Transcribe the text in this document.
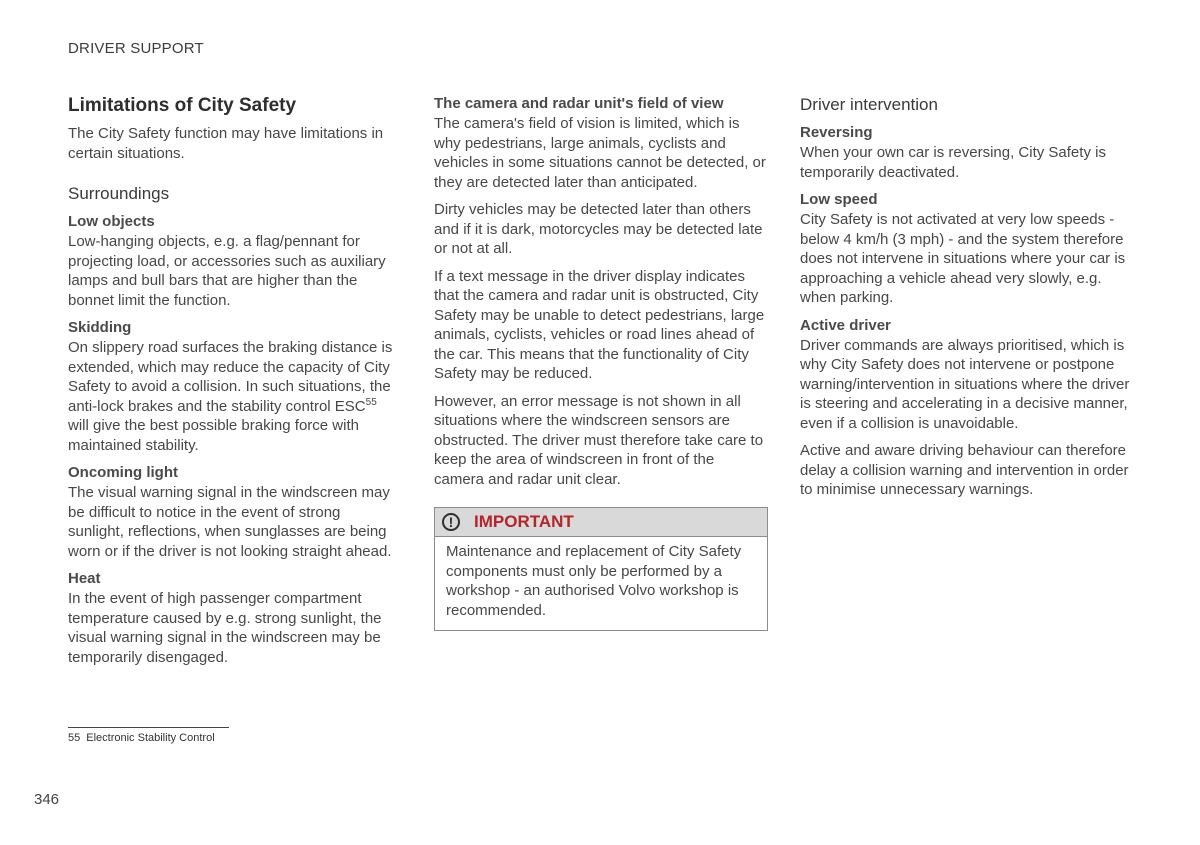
DRIVER SUPPORT
Limitations of City Safety

The City Safety function may have limitations in certain situations.

Surroundings
Low objects

Low-hanging objects, e.g. a flag/pennant for projecting load, or accessories such as auxiliary lamps and bull bars that are higher than the bonnet limit the function.

Skidding

On slippery road surfaces the braking distance is extended, which may reduce the capacity of City Safety to avoid a collision. In such situations, the anti-lock brakes and the stability control ESC$^{55}$ will give the best possible braking force with maintained stability.

Oncoming light

The visual warning signal in the windscreen may be difficult to notice in the event of strong sunlight, reflections, when sunglasses are being worn or if the driver is not looking straight ahead.

Heat

In the event of high passenger compartment temperature caused by e.g. strong sunlight, the visual warning signal in the windscreen may be temporarily disengaged.

The camera and radar unit's field of view

The camera's field of vision is limited, which is why pedestrians, large animals, cyclists and vehicles in some situations cannot be detected, or they are detected later than anticipated.

Dirty vehicles may be detected later than others and if it is dark, motorcycles may be detected late or not at all.

If a text message in the driver display indicates that the camera and radar unit is obstructed, City Safety may be unable to detect pedestrians, large animals, cyclists, vehicles or road lines ahead of the car. This means that the functionality of City Safety may be reduced.

However, an error message is not shown in all situations where the windscreen sensors are obstructed. The driver must therefore take care to keep the area of windscreen in front of the camera and radar unit clear.

!	IMPORTANT

Maintenance and replacement of City Safety components must only be performed by a workshop - an authorised Volvo workshop is recommended.

Driver intervention
Reversing

When your own car is reversing, City Safety is temporarily deactivated.

Low speed

City Safety is not activated at very low speeds - below 4 km/h (3 mph) - and the system therefore does not intervene in situations where your car is approaching a vehicle ahead very slowly, e.g. when parking.

Active driver

Driver commands are always prioritised, which is why City Safety does not intervene or postpone warning/intervention in situations where the driver is steering and accelerating in a decisive manner, even if a collision is unavoidable.

Active and aware driving behaviour can therefore delay a collision warning and intervention in order to minimise unnecessary warnings.

55 Electronic Stability Control
346
